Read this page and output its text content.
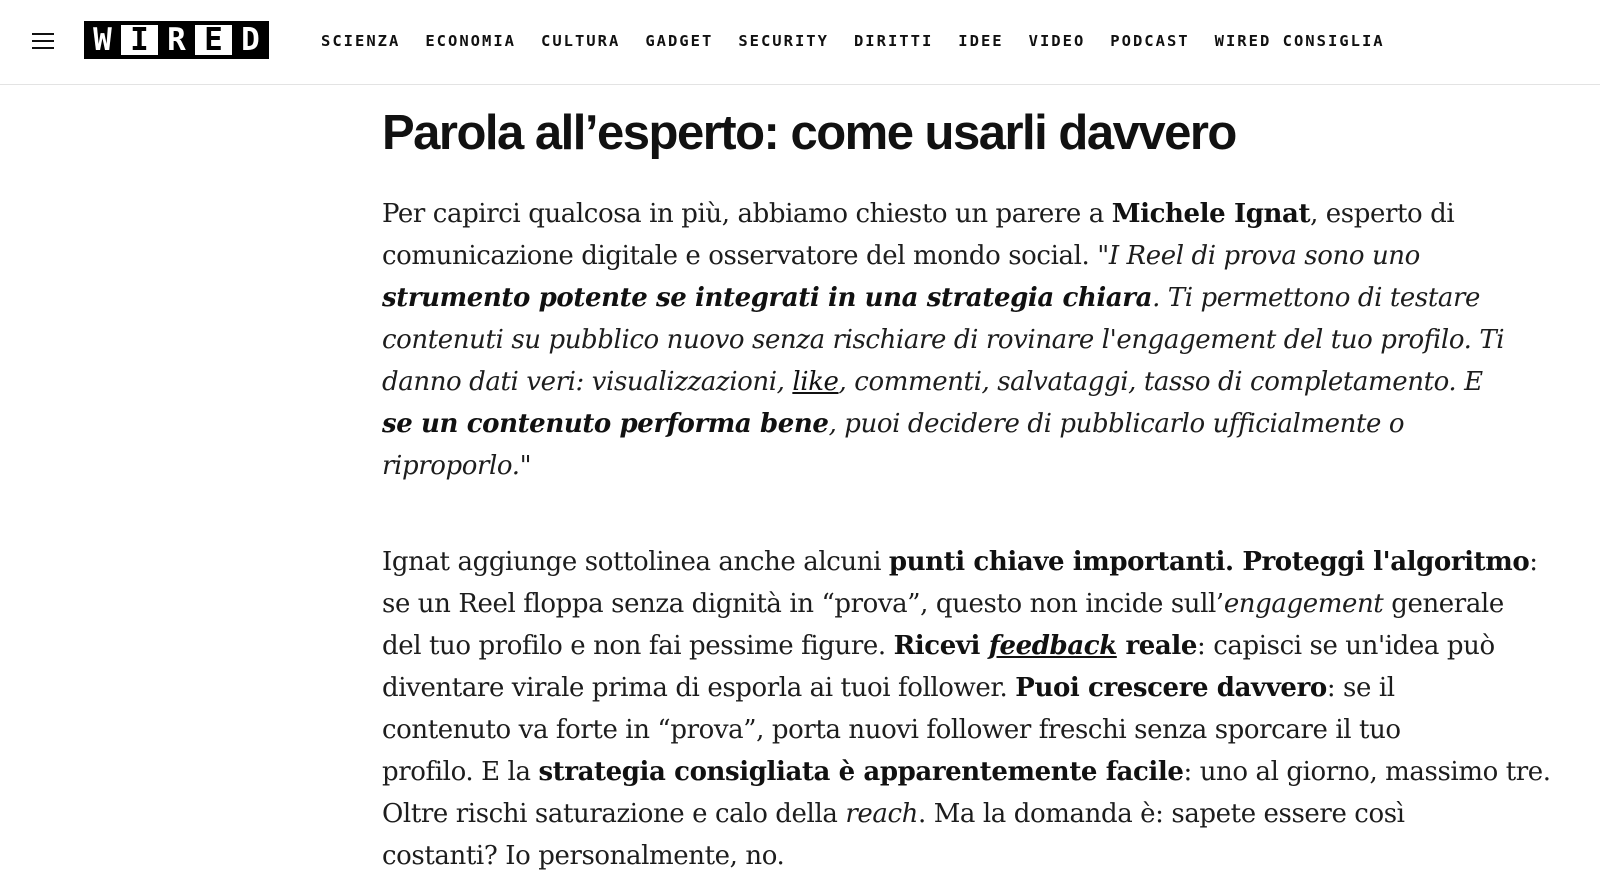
W I R E D	SCIENZA ECONOMIA CULTURA GADGET SECURITY DIRITTI IDEE VIDEO PODCAST WIRED CONSIGLIA
Parola all’esperto: come usarli davvero

Per capirci qualcosa in più, abbiamo chiesto un parere a Michele Ignat, esperto di
comunicazione digitale e osservatore del mondo social. "I Reel di prova sono uno
strumento potente se integrati in una strategia chiara. Ti permettono di testare
contenuti su pubblico nuovo senza rischiare di rovinare l'engagement del tuo profilo. Ti
danno dati veri: visualizzazioni, like, commenti, salvataggi, tasso di completamento. E
se un contenuto performa bene, puoi decidere di pubblicarlo ufficialmente o
riproporlo."

Ignat aggiunge sottolinea anche alcuni punti chiave importanti. Proteggi l'algoritmo:
se un Reel floppa senza dignità in “prova”, questo non incide sull’engagement generale
del tuo profilo e non fai pessime figure. Ricevi feedback reale: capisci se un'idea può
diventare virale prima di esporla ai tuoi follower. Puoi crescere davvero: se il
contenuto va forte in “prova”, porta nuovi follower freschi senza sporcare il tuo
profilo. E la strategia consigliata è apparentemente facile: uno al giorno, massimo tre.
Oltre rischi saturazione e calo della reach. Ma la domanda è: sapete essere così
costanti? Io personalmente, no.
